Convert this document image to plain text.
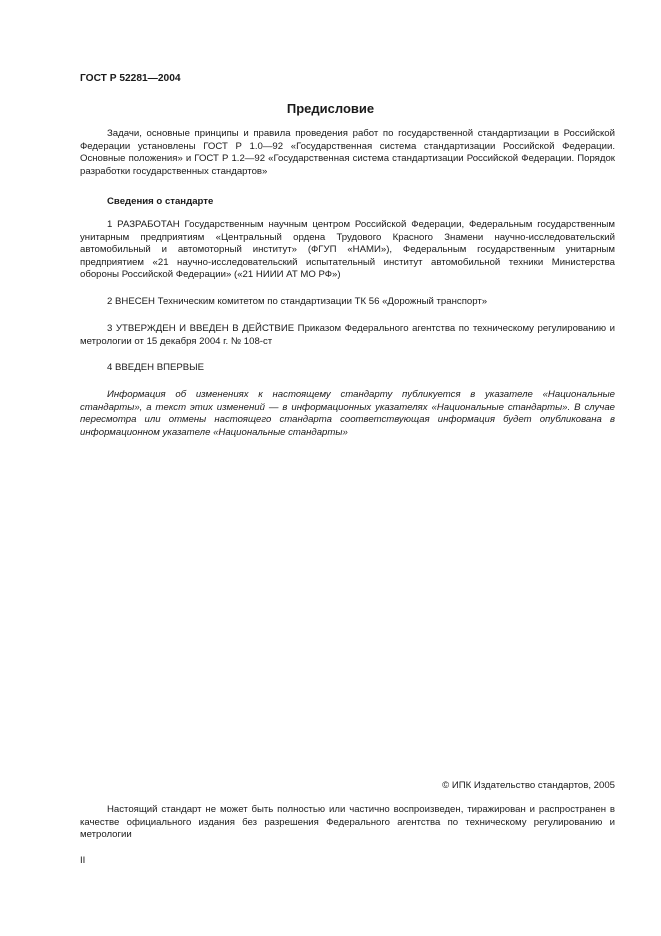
ГОСТ Р 52281—2004
Предисловие

Задачи, основные принципы и правила проведения работ по государственной стандартизации в Российской Федерации установлены ГОСТ Р 1.0—92 «Государственная система стандартизации Российской Федерации. Основные положения» и ГОСТ Р 1.2—92 «Государственная система стандартизации Российской Федерации. Порядок разработки государственных стандартов»

Сведения о стандарте

1 РАЗРАБОТАН Государственным научным центром Российской Федерации, Федеральным государственным унитарным предприятиям «Центральный ордена Трудового Красного Знамени научно-исследовательский автомобильный и автомоторный институт» (ФГУП «НАМИ»), Федеральным государственным унитарным предприятием «21 научно-исследовательский испытательный институт автомобильной техники Министерства обороны Российской Федерации» («21 НИИИ АТ МО РФ»)

2 ВНЕСЕН Техническим комитетом по стандартизации ТК 56 «Дорожный транспорт»

3 УТВЕРЖДЕН И ВВЕДЕН В ДЕЙСТВИЕ Приказом Федерального агентства по техническому регулированию и метрологии от 15 декабря 2004 г. № 108-ст

4 ВВЕДЕН ВПЕРВЫЕ

Информация об изменениях к настоящему стандарту публикуется в указателе «Национальные стандарты», а текст этих изменений — в информационных указателях «Национальные стандарты». В случае пересмотра или отмены настоящего стандарта соответствующая информация будет опубликована в информационном указателе «Национальные стандарты»

© ИПК Издательство стандартов, 2005

Настоящий стандарт не может быть полностью или частично воспроизведен, тиражирован и распространен в качестве официального издания без разрешения Федерального агентства по техническому регулированию и метрологии

II
